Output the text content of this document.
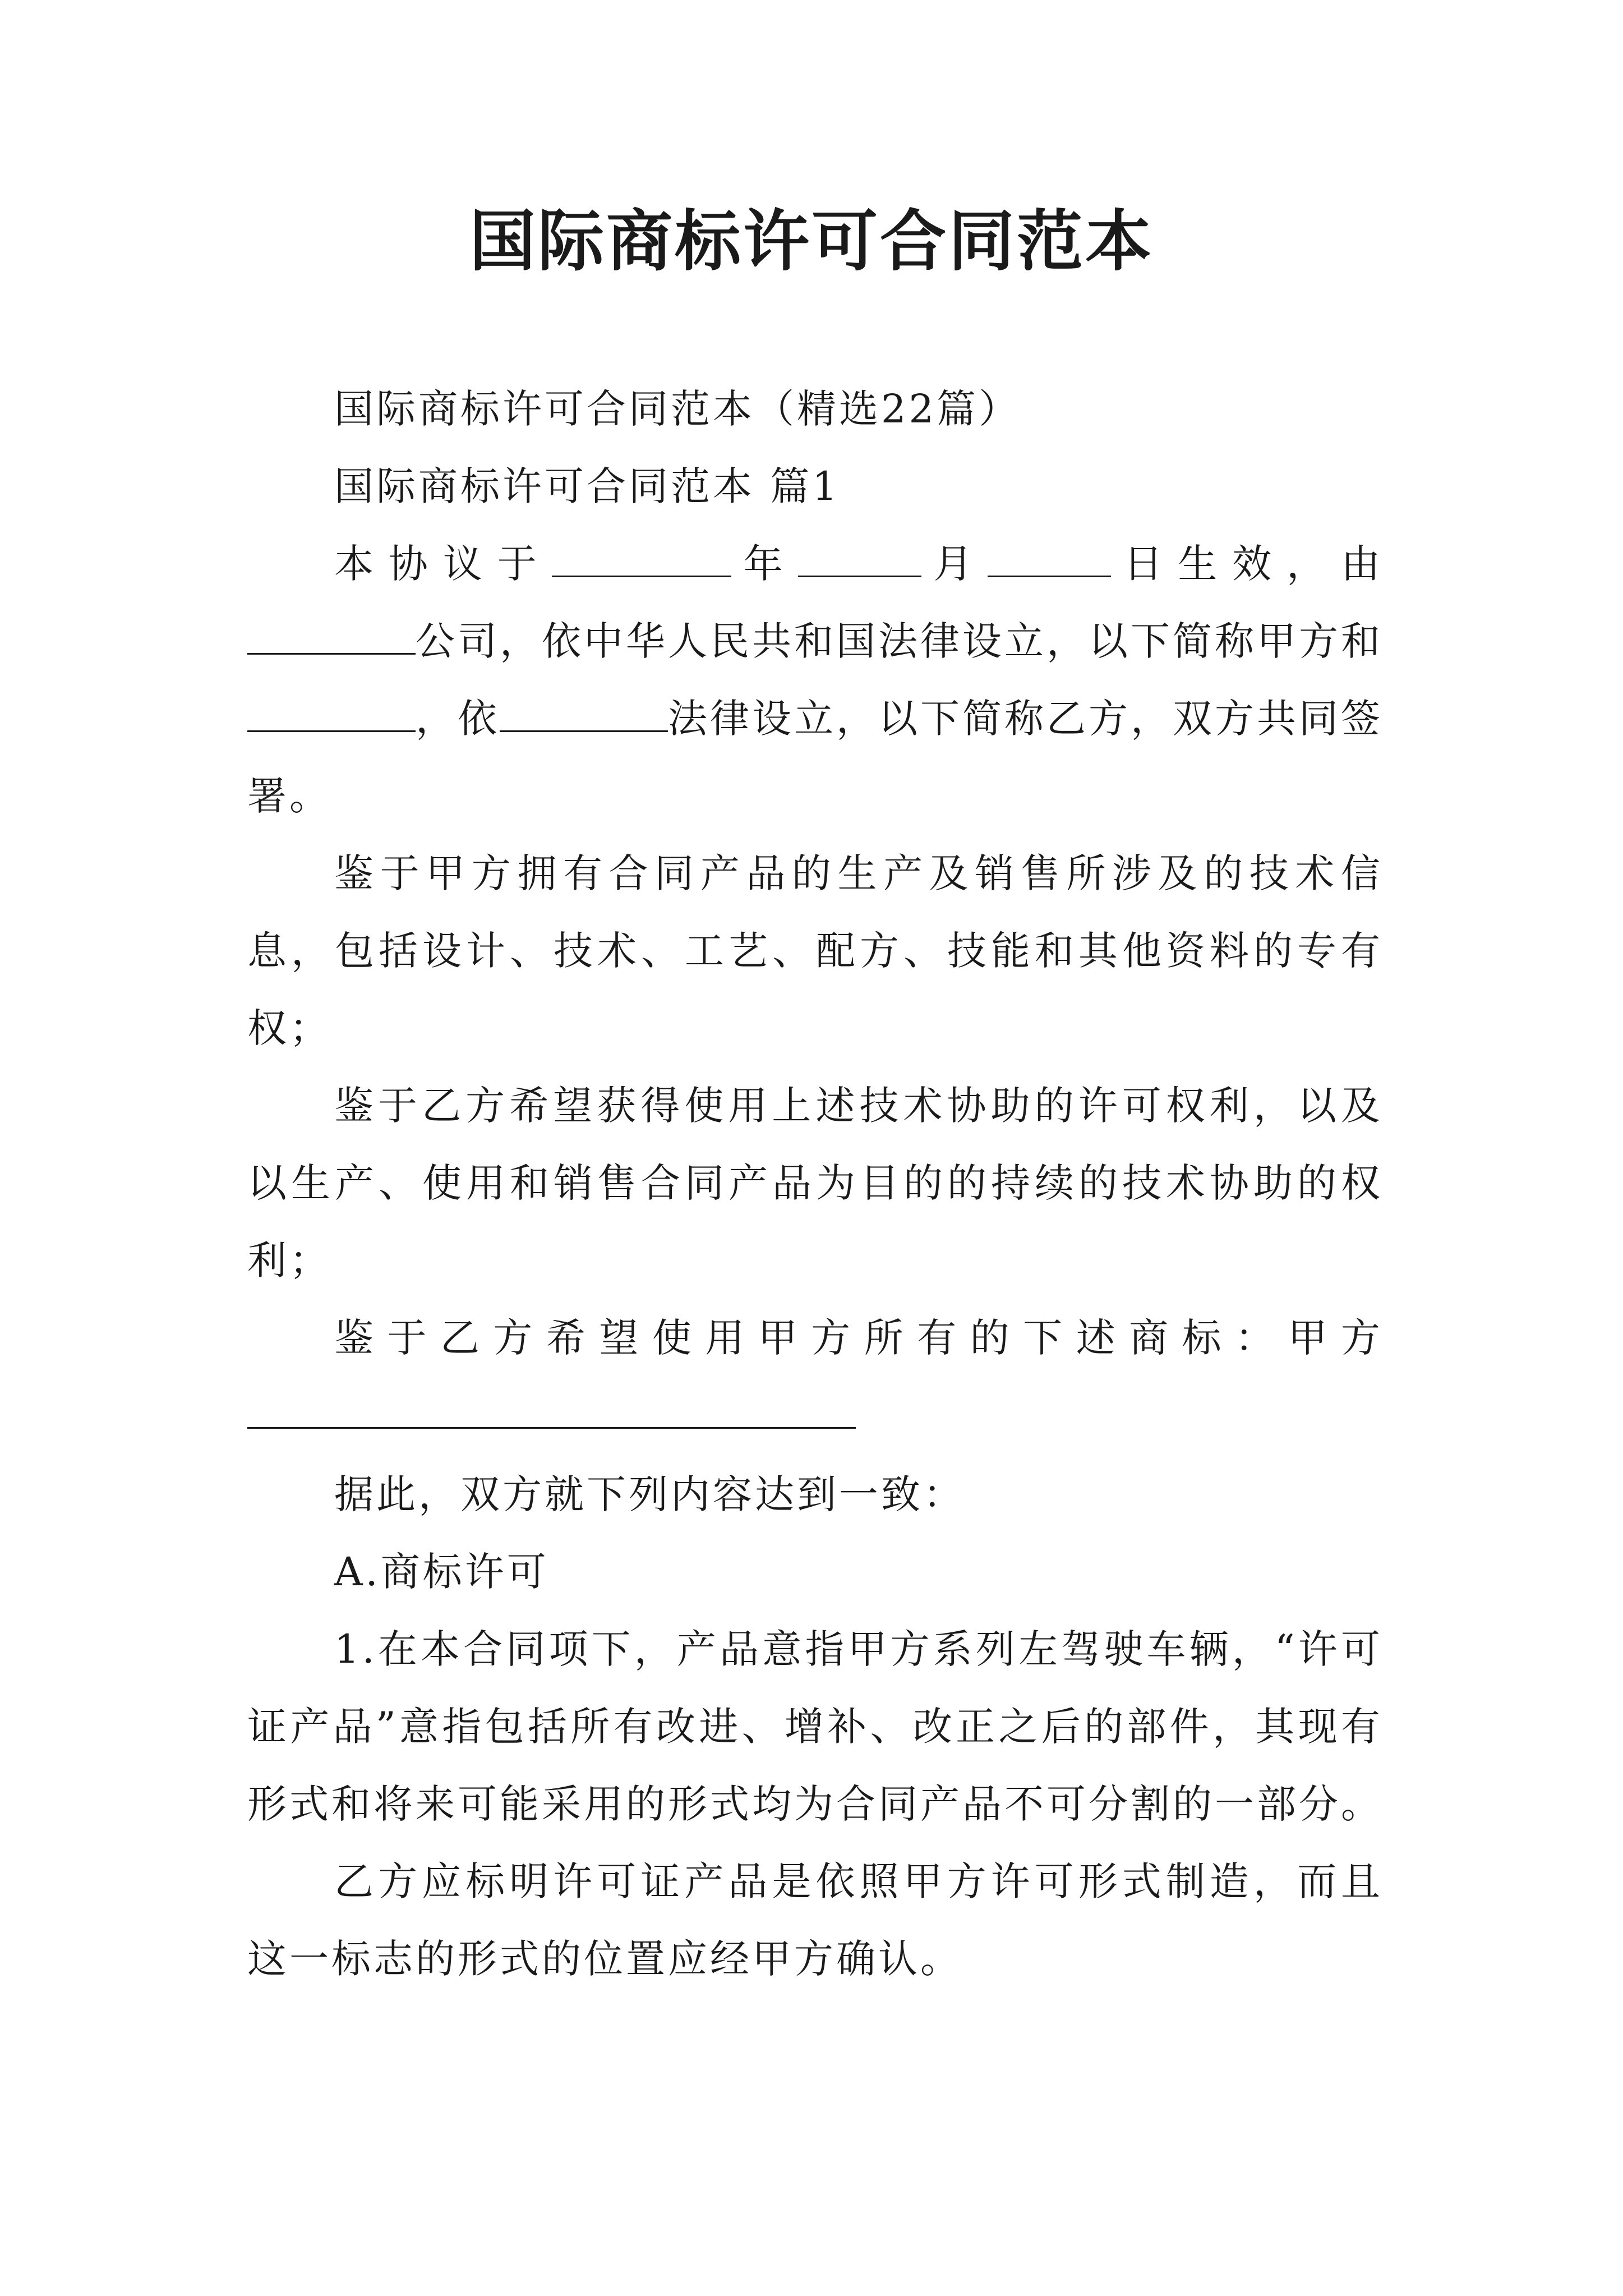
国际商标许可合同范本

国际商标许可合同范本（精选22篇）

国际商标许可合同范本 篇1

本协议于	年	月	日生效，由公司，依中华人民共和国法律设立，以下简称甲方和，依	法律设立，以下简称乙方，双方共同签署。

鉴于甲方拥有合同产品的生产及销售所涉及的技术信息，包括设计、技术、工艺、配方、技能和其他资料的专有权；

鉴于乙方希望获得使用上述技术协助的许可权利，以及以生产、使用和销售合同产品为目的的持续的技术协助的权利；

鉴于乙方希望使用甲方所有的下述商标：甲方

据此，双方就下列内容达到一致：

A.商标许可

1.在本合同项下，产品意指甲方系列左驾驶车辆，“许可证产品”意指包括所有改进、增补、改正之后的部件，其现有形式和将来可能采用的形式均为合同产品不可分割的一部分。

乙方应标明许可证产品是依照甲方许可形式制造，而且这一标志的形式的位置应经甲方确认。
